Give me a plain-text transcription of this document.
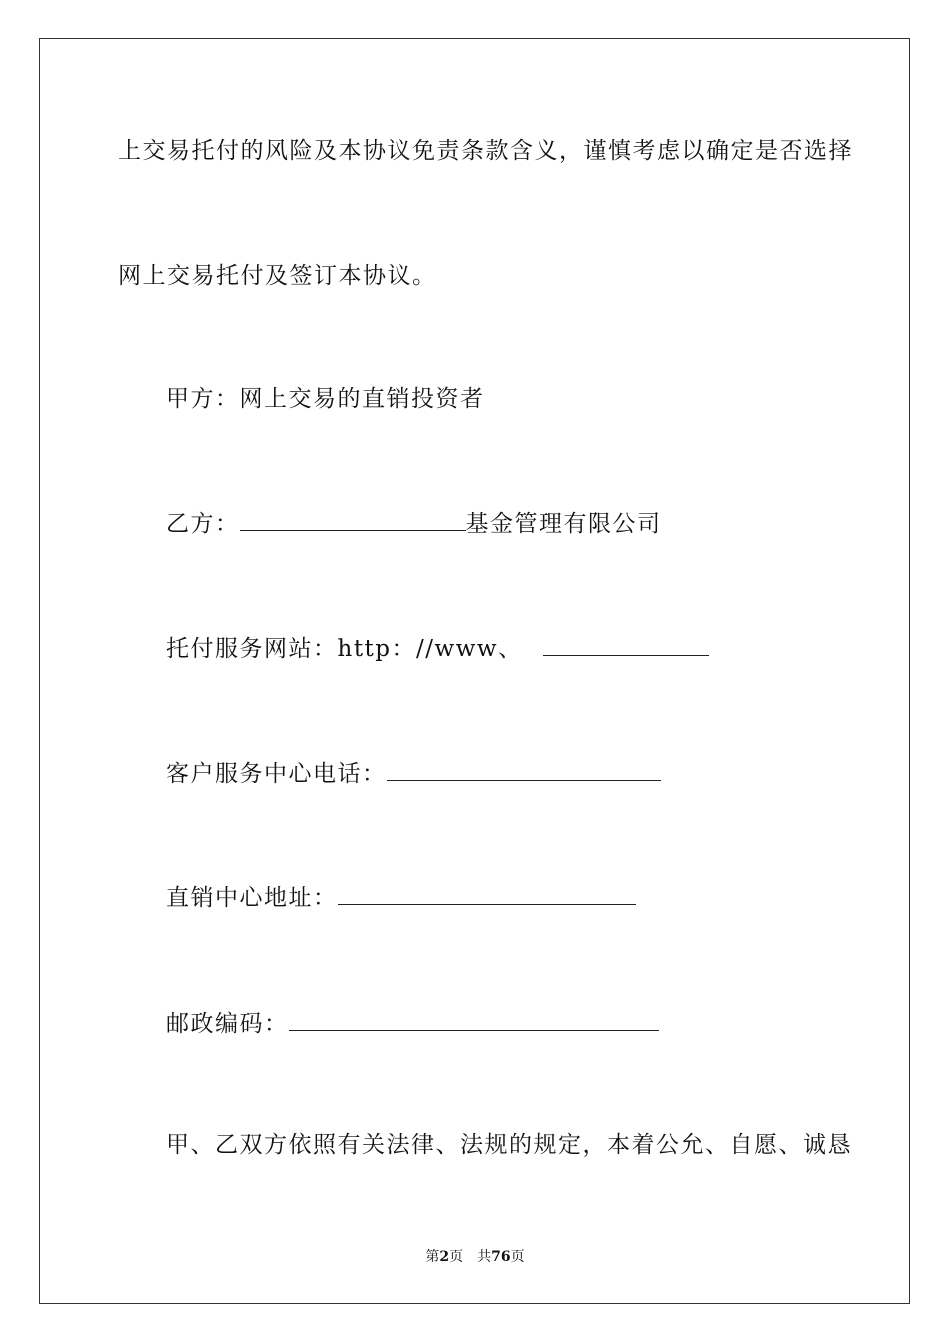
上交易托付的风险及本协议免责条款含义，谨慎考虑以确定是否选择
网上交易托付及签订本协议。
甲方：网上交易的直销投资者
乙方：	基金管理有限公司
托付服务网站：http：//www、
客户服务中心电话：
直销中心地址：
邮政编码：
甲、乙双方依照有关法律、法规的规定，本着公允、自愿、诚恳
第2页　共76页
